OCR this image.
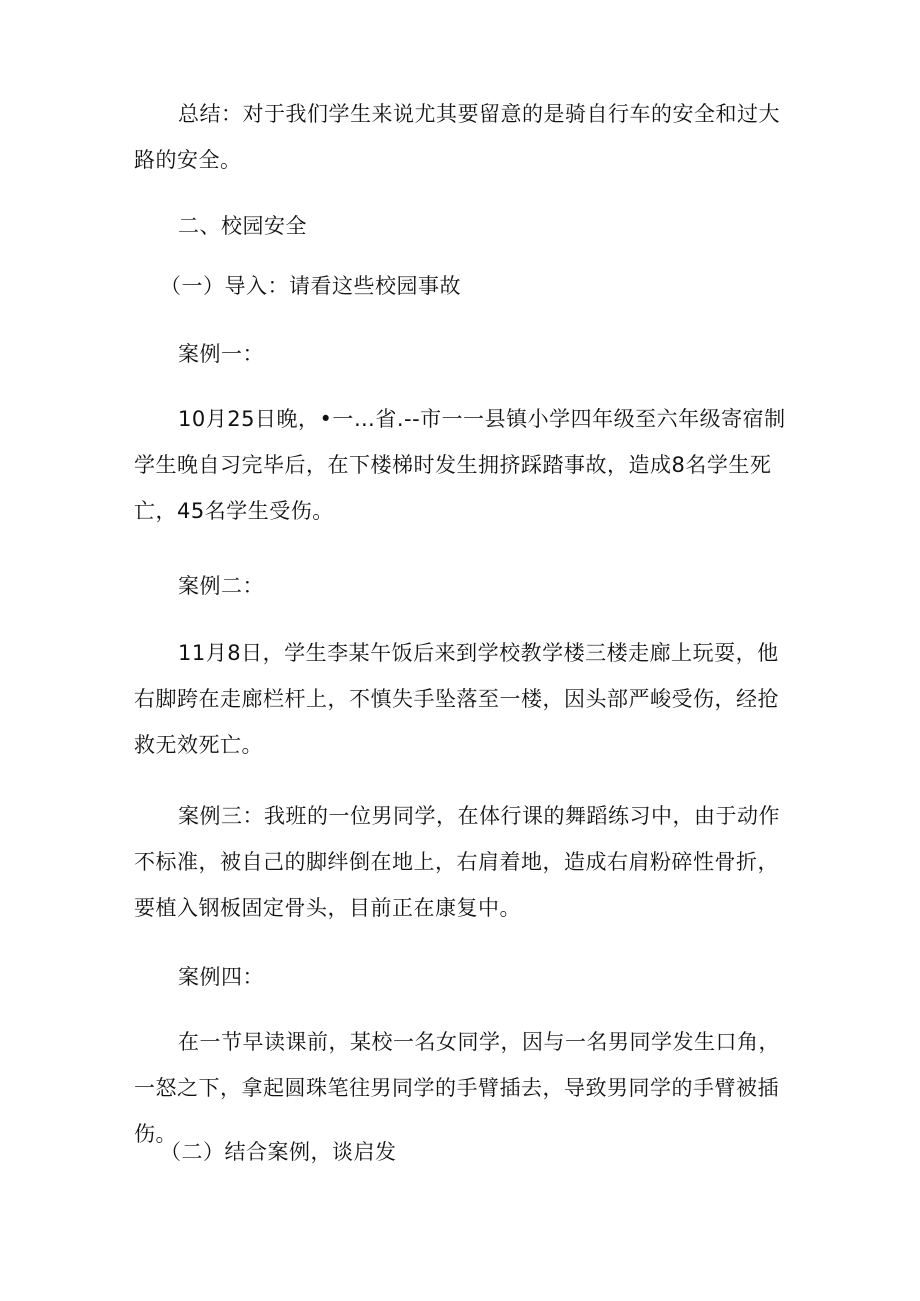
总结：对于我们学生来说尤其要留意的是骑自行车的安全和过大路的安全。

二、校园安全

（一）导入：请看这些校园事故

案例一：

10月25日晚，•一…省.--市一一县镇小学四年级至六年级寄宿制学生晚自习完毕后，在下楼梯时发生拥挤踩踏事故，造成8名学生死亡，45名学生受伤。

案例二：

11月8日，学生李某午饭后来到学校教学楼三楼走廊上玩耍，他右脚跨在走廊栏杆上，不慎失手坠落至一楼，因头部严峻受伤，经抢救无效死亡。

案例三：我班的一位男同学，在体行课的舞蹈练习中，由于动作不标准，被自己的脚绊倒在地上，右肩着地，造成右肩粉碎性骨折，要植入钢板固定骨头，目前正在康复中。

案例四：

在一节早读课前，某校一名女同学，因与一名男同学发生口角，一怒之下，拿起圆珠笔往男同学的手臂插去，导致男同学的手臂被插伤。

（二）结合案例，谈启发
